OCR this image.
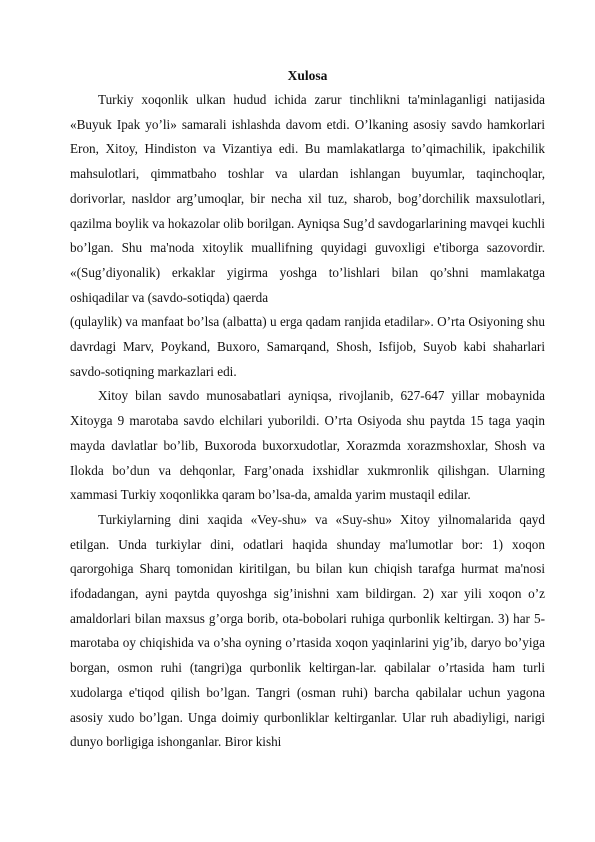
Xulosa

Turkiy xoqonlik ulkan hudud ichida zarur tinchlikni ta'minlaganligi natijasida «Buyuk Ipak yo’li» samarali ishlashda davom etdi. O’lkaning asosiy savdo hamkorlari Eron, Xitoy, Hindiston va Vizantiya edi. Bu mamlakatlarga to’qimachilik, ipakchilik mahsulotlari, qimmatbaho toshlar va ulardan ishlangan buyumlar, taqinchoqlar, dorivorlar, nasldor arg’umoqlar, bir necha xil tuz, sharob, bog’dorchilik maxsulotlari, qazilma boylik va hokazolar olib borilgan. Ayniqsa Sug’d savdogarlarining mavqei kuchli bo’lgan. Shu ma'noda xitoylik muallifning quyidagi guvoxligi e'tiborga sazovordir. «(Sug’diyonalik) erkaklar yigirma yoshga to’lishlari bilan qo’shni mamlakatga oshiqadilar va (savdo-sotiqda) qaerda

(qulaylik) va manfaat bo’lsa (albatta) u erga qadam ranjida etadilar». O’rta Osiyoning shu davrdagi Marv, Poykand, Buxoro, Samarqand, Shosh, Isfijob, Suyob kabi shaharlari savdo-sotiqning markazlari edi.

Xitoy bilan savdo munosabatlari ayniqsa, rivojlanib, 627-647 yillar mobaynida Xitoyga 9 marotaba savdo elchilari yuborildi. O’rta Osiyoda shu paytda 15 taga yaqin mayda davlatlar bo’lib, Buxoroda buxorxudotlar, Xorazmda xorazmshoxlar, Shosh va Ilokda bo’dun va dehqonlar, Farg’onada ixshidlar xukmronlik qilishgan. Ularning xammasi Turkiy xoqonlikka qaram bo’lsa-da, amalda yarim mustaqil edilar.

Turkiylarning dini xaqida «Vey-shu» va «Suy-shu» Xitoy yilnomalarida qayd etilgan. Unda turkiylar dini, odatlari haqida shunday ma'lumotlar bor: 1) xoqon qarorgohiga Sharq tomonidan kiritilgan, bu bilan kun chiqish tarafga hurmat ma'nosi ifodadangan, ayni paytda quyoshga sig’inishni xam bildirgan. 2) xar yili xoqon o’z amaldorlari bilan maxsus g’orga borib, ota-bobolari ruhiga qurbonlik keltirgan. 3) har 5-marotaba oy chiqishida va o’sha oyning o’rtasida xoqon yaqinlarini yig’ib, daryo bo’yiga borgan, osmon ruhi (tangri)ga qurbonlik keltirgan-lar. qabilalar o’rtasida ham turli xudolarga e'tiqod qilish bo’lgan. Tangri (osman ruhi) barcha qabilalar uchun yagona asosiy xudo bo’lgan. Unga doimiy qurbonliklar keltirganlar. Ular ruh abadiyligi, narigi dunyo borligiga ishonganlar. Biror kishi
